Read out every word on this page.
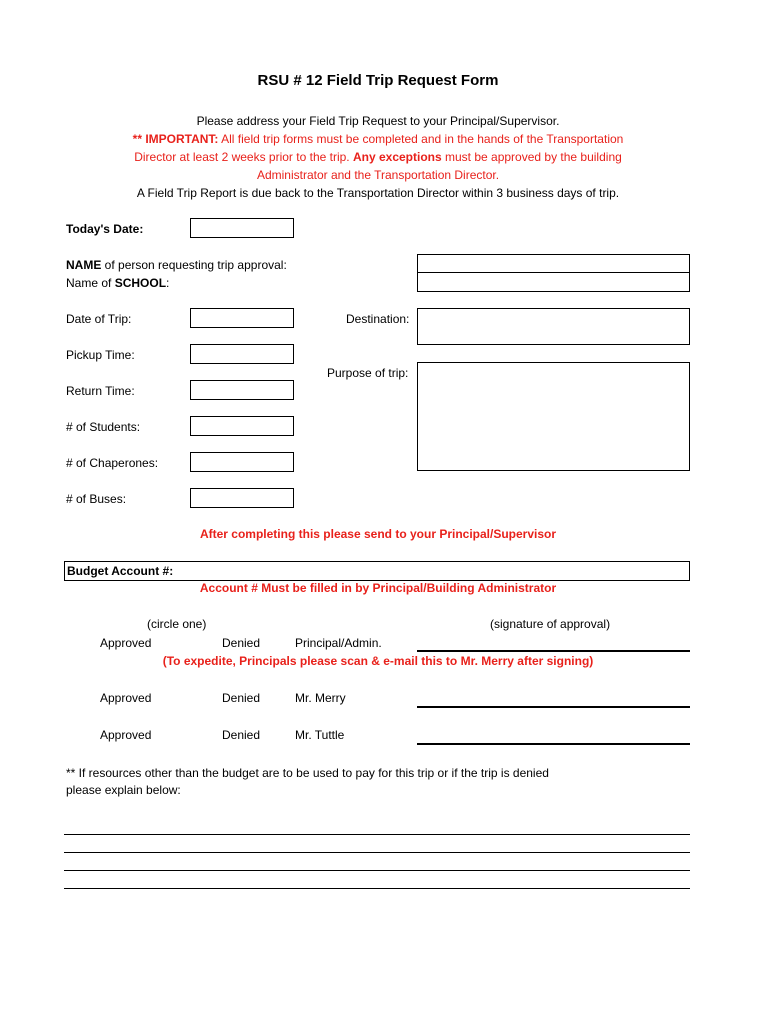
RSU # 12 Field Trip Request Form
Please address your Field Trip Request to your Principal/Supervisor.
** IMPORTANT: All field trip forms must be completed and in the hands of the Transportation
Director at least 2 weeks prior to the trip. Any exceptions must be approved by the building
Administrator and the Transportation Director.
A Field Trip Report is due back to the Transportation Director within 3 business days of trip.
Today's Date:
NAME of person requesting trip approval:
Name of SCHOOL:
Date of Trip:	Destination:
Pickup Time:
Purpose of trip:
Return Time:
# of Students:
# of Chaperones:
# of Buses:
After completing this please send to your Principal/Supervisor
Budget Account #:
Account # Must be filled in by Principal/Building Administrator
(circle one)	(signature of approval)
Approved	Denied	Principal/Admin.
(To expedite, Principals please scan & e-mail this to Mr. Merry after signing)
Approved	Denied	Mr. Merry
Approved	Denied	Mr. Tuttle
** If resources other than the budget are to be used to pay for this trip or if the trip is denied
please explain below:
